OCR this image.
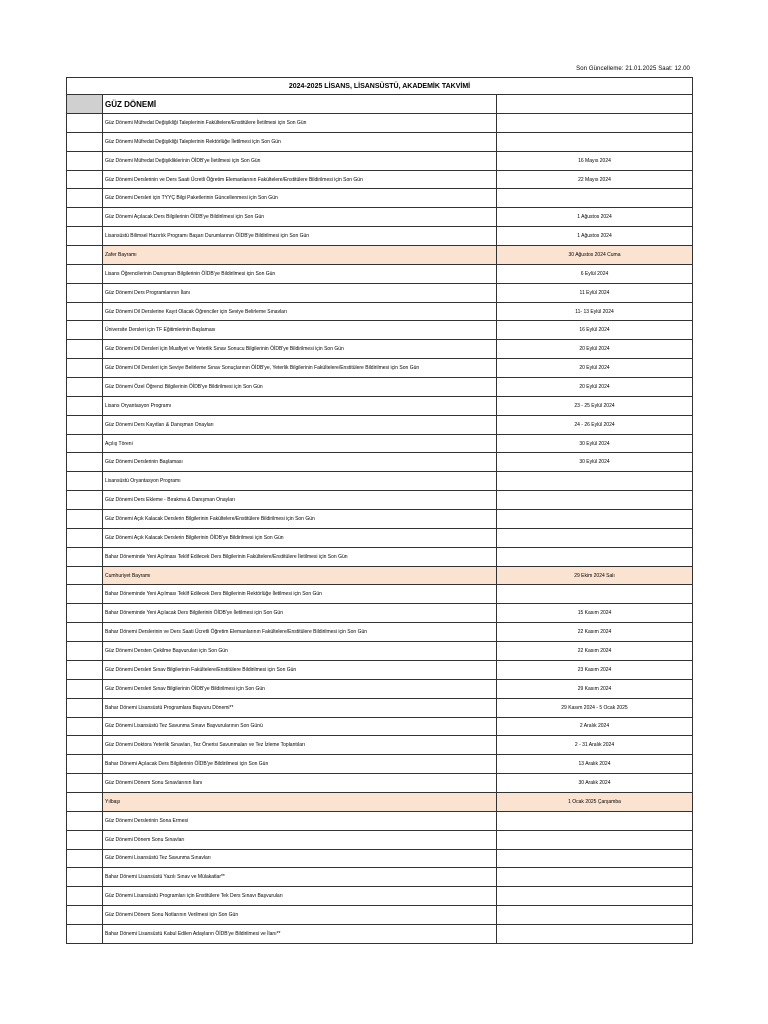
Son Güncelleme: 21.01.2025 Saat: 12.00
2024-2025 LİSANS, LİSANSÜSTÜ, AKADEMİK TAKVİMİ		
	GÜZ DÖNEMİ	
	Güz Dönemi Müfredat Değişikliği Taleplerinin Fakültelere/Enstitülere İletilmesi için Son Gün	
	Güz Dönemi Müfredat Değişikliği Taleplerinin Rektörlüğe İletilmesi için Son Gün	
	Güz Dönemi Müfredat Değişikliklerinin ÖİDB'ye İletilmesi için Son Gün	16 Mayıs 2024
	Güz Dönemi Derslerinin ve Ders Saati Ücretli Öğretim Elemanlarının Fakültelere/Enstitülere Bildirilmesi için Son Gün	22 Mayıs 2024
	Güz Dönemi Dersleri için TYYÇ Bilgi Paketlerinin Güncellenmesi için Son Gün	
	Güz Dönemi Açılacak Ders Bilgilerinin ÖİDB'ye Bildirilmesi için Son Gün	1 Ağustos 2024
	Lisansüstü Bilimsel Hazırlık Programı Başarı Durumlarının ÖİDB'ye Bildirilmesi için Son Gün	1 Ağustos 2024
	Zafer Bayramı	30 Ağustos 2024 Cuma
	Lisans Öğrencilerinin Danışman Bilgilerinin ÖİDB'ye Bildirilmesi için Son Gün	6 Eylül 2024
	Güz Dönemi Ders Programlarının İlanı	11 Eylül 2024
	Güz Dönemi Dil Derslerine Kayıt Olacak Öğrenciler için Seviye Belirleme Sınavları	11- 13 Eylül 2024
	Üniversite Dersleri için TF Eğitimlerinin Başlaması	16 Eylül 2024
	Güz Dönemi Dil Dersleri için Muafiyet ve Yeterlik Sınav Sonucu Bilgilerinin ÖİDB'ye Bildirilmesi için Son Gün	20 Eylül 2024
	Güz Dönemi Dil Dersleri için Seviye Belirleme Sınav Sonuçlarının ÖİDB'ye, Yeterlik Bilgilerinin Fakültelere/Enstitülere Bildirilmesi için Son Gün	20 Eylül 2024
	Güz Dönemi Özel Öğrenci Bilgilerinin ÖİDB'ye Bildirilmesi için Son Gün	20 Eylül 2024
	Lisans Oryantasyon Programı	23 - 25 Eylül 2024
	Güz Dönemi Ders Kayıtları & Danışman Onayları	24 - 26 Eylül 2024
	Açılış Töreni	30 Eylül 2024
	Güz Dönemi Derslerinin Başlaması	30 Eylül 2024
	Lisansüstü Oryantasyon Programı	
	Güz Dönemi Ders Ekleme - Bırakma & Danışman Onayları	
	Güz Dönemi Açık Kalacak Derslerin Bilgilerinin Fakültelere/Enstitülere Bildirilmesi için Son Gün	
	Güz Dönemi Açık Kalacak Derslerin Bilgilerinin ÖİDB'ye Bildirilmesi için Son Gün	
	Bahar Döneminde Yeni Açılması Teklif Edilecek Ders Bilgilerinin Fakültelere/Enstitülere İletilmesi için Son Gün	
	Cumhuriyet Bayramı	29 Ekim 2024 Salı
	Bahar Döneminde Yeni Açılması Teklif Edilecek Ders Bilgilerinin Rektörlüğe İletilmesi için Son Gün	
	Bahar Döneminde Yeni Açılacak Ders Bilgilerinin ÖİDB'ye İletilmesi için Son Gün	15 Kasım 2024
	Bahar Dönemi Derslerinin ve Ders Saati Ücretli Öğretim Elemanlarının Fakültelere/Enstitülere Bildirilmesi için Son Gün	22 Kasım 2024
	Güz Dönemi Dersten Çekilme Başvuruları için Son Gün	22 Kasım 2024
	Güz Dönemi Dersleri Sınav Bilgilerinin Fakültelere/Enstitülere Bildirilmesi için Son Gün	23 Kasım 2024
	Güz Dönemi Dersleri Sınav Bilgilerinin ÖİDB'ye Bildirilmesi için Son Gün	29 Kasım 2024
	Bahar Dönemi Lisansüstü Programlara Başvuru Dönemi**	29 Kasım 2024 - 5 Ocak 2025
	Güz Dönemi Lisansüstü Tez Savunma Sınavı Başvurularının Son Günü	2 Aralık 2024
	Güz Dönemi Doktora Yeterlik Sınavları, Tez Önerisi Savunmaları ve Tez İzleme Toplantıları	2 - 31 Aralık 2024
	Bahar Dönemi Açılacak Ders Bilgilerinin ÖİDB'ye Bildirilmesi için Son Gün	13 Aralık 2024
	Güz Dönemi Dönem Sonu Sınavlarının İlanı	30 Aralık 2024
	Yılbaşı	1 Ocak 2025 Çarşamba
	Güz Dönemi Derslerinin Sona Ermesi	
	Güz Dönemi Dönem Sonu Sınavları	
	Güz Dönemi Lisansüstü Tez Savunma Sınavları	
	Bahar Dönemi Lisansüstü Yazılı Sınav ve Mülakatlar**	
	Güz Dönemi Lisansüstü Programları için Enstitülere Tek Ders Sınavı Başvuruları	
	Güz Dönemi Dönem Sonu Notlarının Verilmesi için Son Gün	
	Bahar Dönemi Lisansüstü Kabul Edilen Adayların ÖİDB'ye Bildirilmesi ve İlanı**	
